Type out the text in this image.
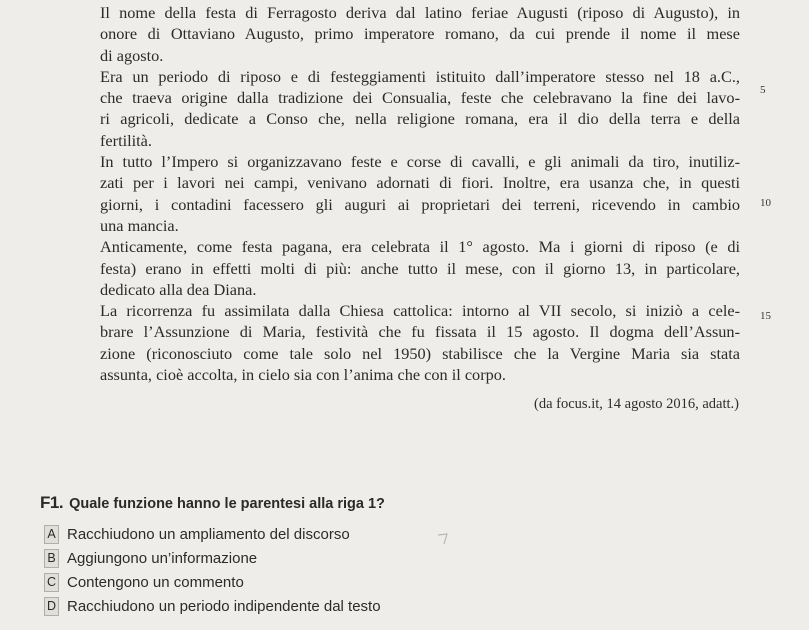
Il nome della festa di Ferragosto deriva dal latino feriae Augusti (riposo di Augusto), in
onore di Ottaviano Augusto, primo imperatore romano, da cui prende il nome il mese
di agosto.
Era un periodo di riposo e di festeggiamenti istituito dall’imperatore stesso nel 18 a.C.,
che traeva origine dalla tradizione dei Consualia, feste che celebravano la fine dei lavo-
ri agricoli, dedicate a Conso che, nella religione romana, era il dio della terra e della
fertilità.
In tutto l’Impero si organizzavano feste e corse di cavalli, e gli animali da tiro, inutiliz-
zati per i lavori nei campi, venivano adornati di fiori. Inoltre, era usanza che, in questi
giorni, i contadini facessero gli auguri ai proprietari dei terreni, ricevendo in cambio
una mancia.
Anticamente, come festa pagana, era celebrata il 1° agosto. Ma i giorni di riposo (e di
festa) erano in effetti molti di più: anche tutto il mese, con il giorno 13, in particolare,
dedicato alla dea Diana.
La ricorrenza fu assimilata dalla Chiesa cattolica: intorno al VII secolo, si iniziò a cele-
brare l’Assunzione di Maria, festività che fu fissata il 15 agosto. Il dogma dell’Assun-
zione (riconosciuto come tale solo nel 1950) stabilisce che la Vergine Maria sia stata
assunta, cioè accolta, in cielo sia con l’anima che con il corpo.
5
10
15
(da focus.it, 14 agosto 2016, adatt.)
F1. Quale funzione hanno le parentesi alla riga 1?
A Racchiudono un ampliamento del discorso
B Aggiungono un’informazione
C Contengono un commento
D Racchiudono un periodo indipendente dal testo
